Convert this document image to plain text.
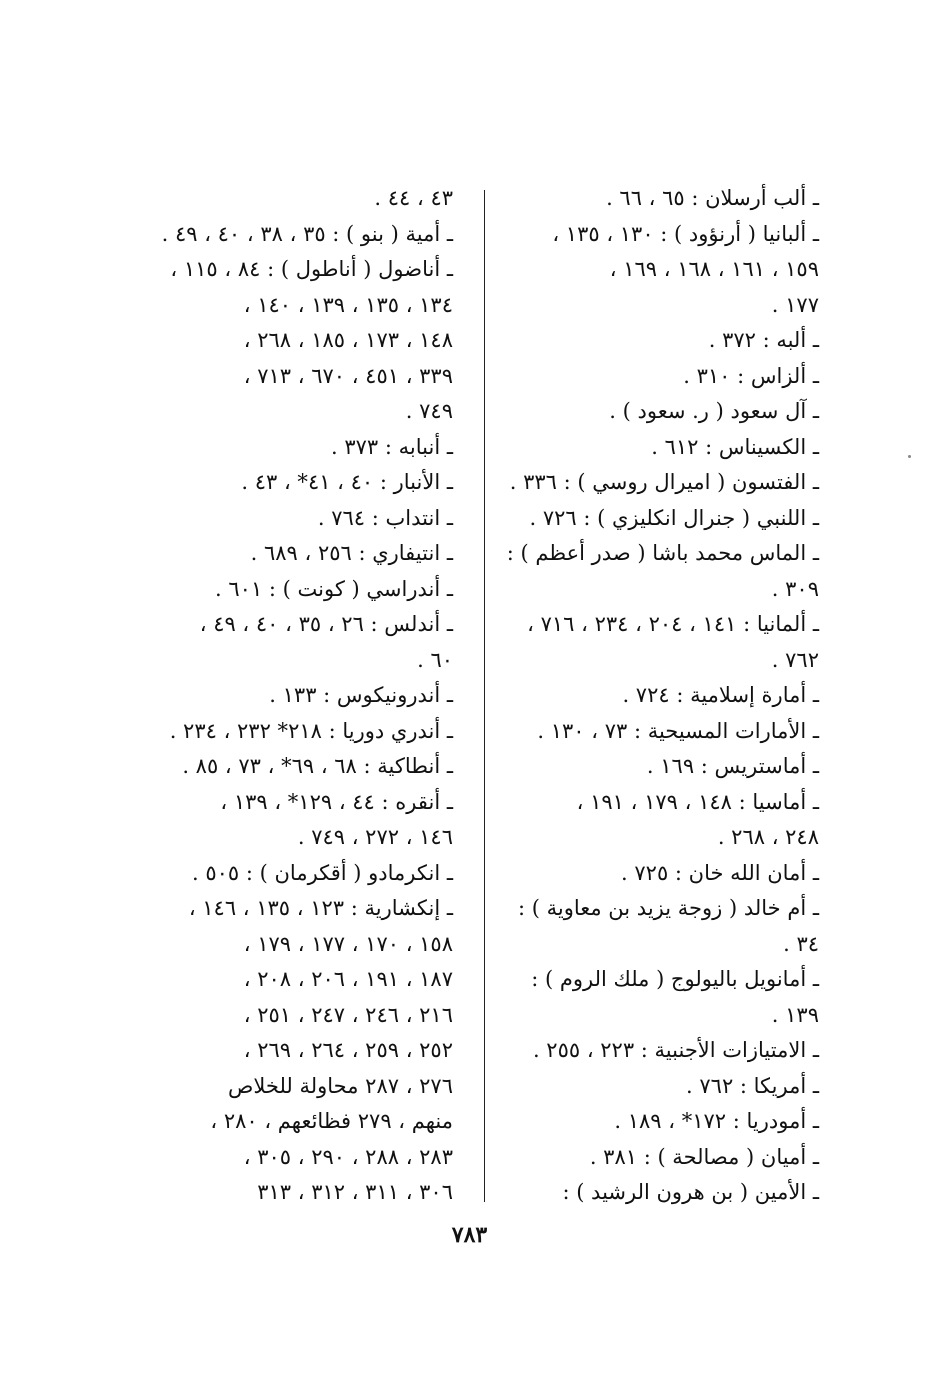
ـ ألب أرسلان : ٦٥ ، ٦٦ .
ـ ألبانيا ( أرنؤود ) : ١٣٠ ، ١٣٥ ،
١٥٩ ، ١٦١ ، ١٦٨ ، ١٦٩ ،
١٧٧ .
ـ ألبه : ٣٧٢ .
ـ ألزاس : ٣١٠ .
ـ آل سعود ( ر. سعود ) .
ـ الكسيناس : ٦١٢ .
ـ الفتسون ( اميرال روسي ) : ٣٣٦ .
ـ اللنبي ( جنرال انكليزي ) : ٧٢٦ .
ـ الماس محمد باشا ( صدر أعظم ) :
٣٠٩ .
ـ ألمانيا : ١٤١ ، ٢٠٤ ، ٢٣٤ ، ٧١٦ ،
٧٦٢ .
ـ أمارة إسلامية : ٧٢٤ .
ـ الأمارات المسيحية : ٧٣ ، ١٣٠ .
ـ أماستريس : ١٦٩ .
ـ أماسيا : ١٤٨ ، ١٧٩ ، ١٩١ ،
٢٤٨ ، ٢٦٨ .
ـ أمان الله خان : ٧٢٥ .
ـ أم خالد ( زوجة يزيد بن معاوية ) :
٣٤ .
ـ أمانويل باليولوج ( ملك الروم ) :
١٣٩ .
ـ الامتيازات الأجنبية : ٢٢٣ ، ٢٥٥ .
ـ أمريكا : ٧٦٢ .
ـ أمودريا : ١٧٢* ، ١٨٩ .
ـ أميان ( مصالحة ) : ٣٨١ .
ـ الأمين ( بن هرون الرشيد ) :
٤٣ ، ٤٤ .
ـ أمية ( بنو ) : ٣٥ ، ٣٨ ، ٤٠ ، ٤٩ .
ـ أناضول ( أناطول ) : ٨٤ ، ١١٥ ،
١٣٤ ، ١٣٥ ، ١٣٩ ، ١٤٠ ،
١٤٨ ، ١٧٣ ، ١٨٥ ، ٢٦٨ ،
٣٣٩ ، ٤٥١ ، ٦٧٠ ، ٧١٣ ،
٧٤٩ .
ـ أنبابه : ٣٧٣ .
ـ الأنبار : ٤٠ ، ٤١* ، ٤٣ .
ـ انتداب : ٧٦٤ .
ـ انتيفاري : ٢٥٦ ، ٦٨٩ .
ـ أندراسي ( كونت ) : ٦٠١ .
ـ أندلس : ٢٦ ، ٣٥ ، ٤٠ ، ٤٩ ،
٦٠ .
ـ أندرونيكوس : ١٣٣ .
ـ أندري دوريا : ٢١٨* ٢٣٢ ، ٢٣٤ .
ـ أنطاكية : ٦٨ ، ٦٩* ، ٧٣ ، ٨٥ .
ـ أنقره : ٤٤ ، ١٢٩* ، ١٣٩ ،
١٤٦ ، ٢٧٢ ، ٧٤٩ .
ـ انكرمادو ( أقكرمان ) : ٥٠٥ .
ـ إنكشارية : ١٢٣ ، ١٣٥ ، ١٤٦ ،
١٥٨ ، ١٧٠ ، ١٧٧ ، ١٧٩ ،
١٨٧ ، ١٩١ ، ٢٠٦ ، ٢٠٨ ،
٢١٦ ، ٢٤٦ ، ٢٤٧ ، ٢٥١ ،
٢٥٢ ، ٢٥٩ ، ٢٦٤ ، ٢٦٩ ،
٢٧٦ ، ٢٨٧ محاولة للخلاص
منهم ، ٢٧٩ فظائعهم ، ٢٨٠ ،
٢٨٣ ، ٢٨٨ ، ٢٩٠ ، ٣٠٥ ،
٣٠٦ ، ٣١١ ، ٣١٢ ، ٣١٣
٧٨٣
